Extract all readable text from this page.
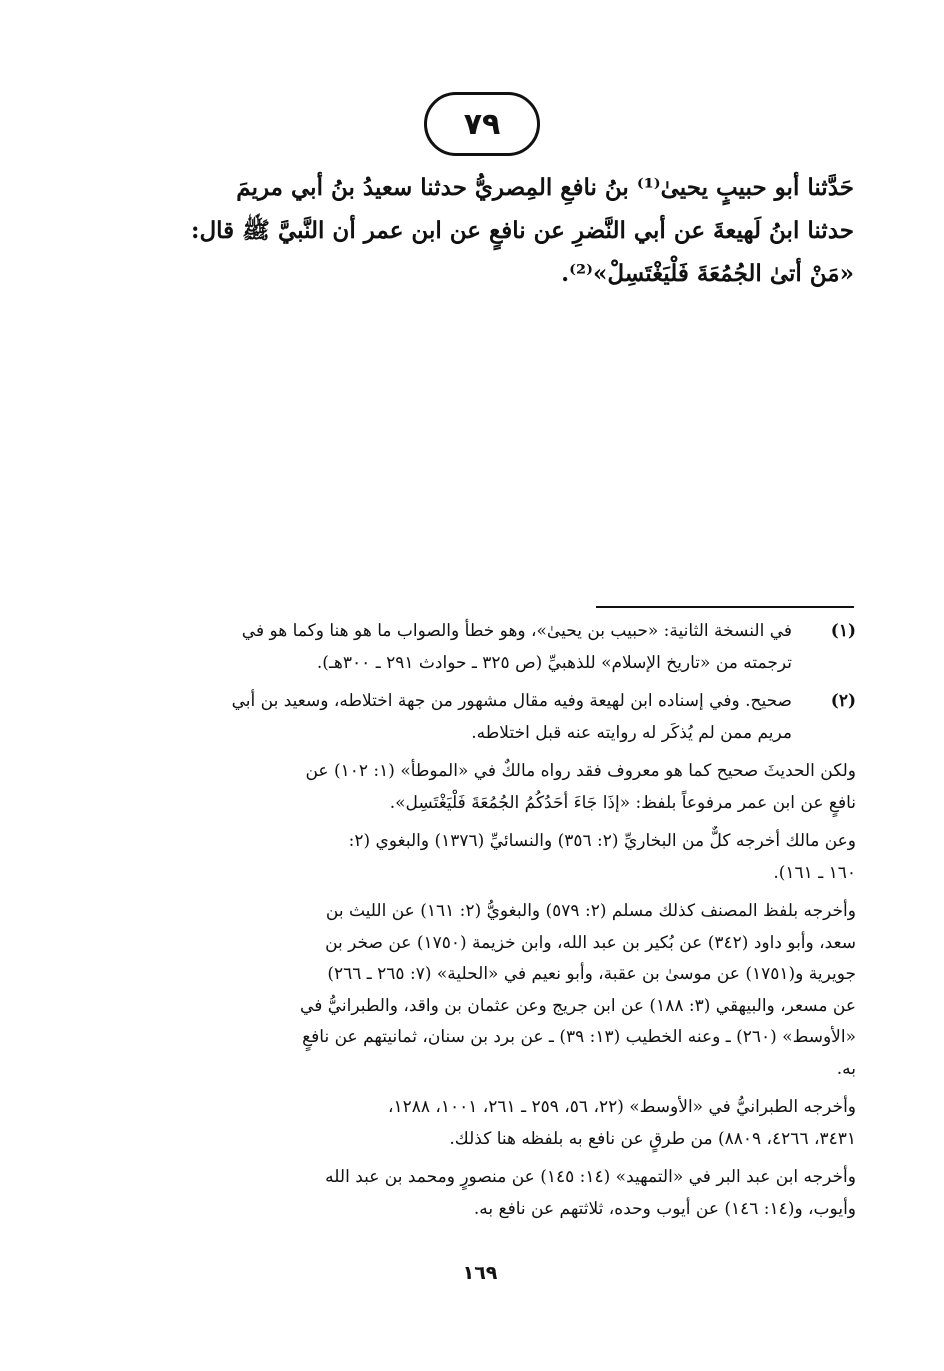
٧٩
حَدَّثنا أبو حبيبٍ يحيىٰ⁽¹⁾ بنُ نافعِ المِصريُّ حدثنا سعيدُ بنُ أبي مريمَ
حدثنا ابنُ لَهيعةَ عن أبي النَّضرِ عن نافعٍ عن ابن عمر أن النَّبيَّ ﷺ قال:
«مَنْ أتىٰ الجُمُعَةَ فَلْيَغْتَسِلْ»⁽²⁾.
(١)
في النسخة الثانية: «حبيب بن يحيىٰ»، وهو خطأ والصواب ما هو هنا وكما هو في
ترجمته من «تاريخ الإسلام» للذهبيِّ (ص ٣٢٥ ـ حوادث ٢٩١ ـ ٣٠٠هـ).
(٢)
صحيح. وفي إسناده ابن لهيعة وفيه مقال مشهور من جهة اختلاطه، وسعيد بن أبي
مريم ممن لم يُذكَر له روايته عنه قبل اختلاطه.
ولكن الحديثَ صحيح كما هو معروف فقد رواه مالكٌ في «الموطأ» (١: ١٠٢) عن
نافعٍ عن ابن عمر مرفوعاً بلفظ: «إذَا جَاءَ أحَدُكُمُ الجُمُعَةَ فَلْيَغْتَسِل».
وعن مالك أخرجه كلٌّ من البخاريِّ (٢: ٣٥٦) والنسائيِّ (١٣٧٦) والبغوي (٢:
١٦٠ ـ ١٦١).
وأخرجه بلفظ المصنف كذلك مسلم (٢: ٥٧٩) والبغويُّ (٢: ١٦١) عن الليث بن
سعد، وأبو داود (٣٤٢) عن بُكير بن عبد الله، وابن خزيمة (١٧٥٠) عن صخر بن
جويرية و(١٧٥١) عن موسىٰ بن عقبة، وأبو نعيم في «الحلية» (٧: ٢٦٥ ـ ٢٦٦)
عن مسعر، والبيهقي (٣: ١٨٨) عن ابن جريج وعن عثمان بن واقد، والطبرانيُّ في
«الأوسط» (٢٦٠) ـ وعنه الخطيب (١٣: ٣٩) ـ عن برد بن سنان، ثمانيتهم عن نافعٍ
به.
وأخرجه الطبرانيُّ في «الأوسط» (٢٢، ٥٦، ٢٥٩ ـ ٢٦١، ١٠٠١، ١٢٨٨،
٣٤٣١، ٤٢٦٦، ٨٨٠٩) من طرقٍ عن نافع به بلفظه هنا كذلك.
وأخرجه ابن عبد البر في «التمهيد» (١٤: ١٤٥) عن منصورٍ ومحمد بن عبد الله
وأيوب، و(١٤: ١٤٦) عن أيوب وحده، ثلاثتهم عن نافع به.
١٦٩
